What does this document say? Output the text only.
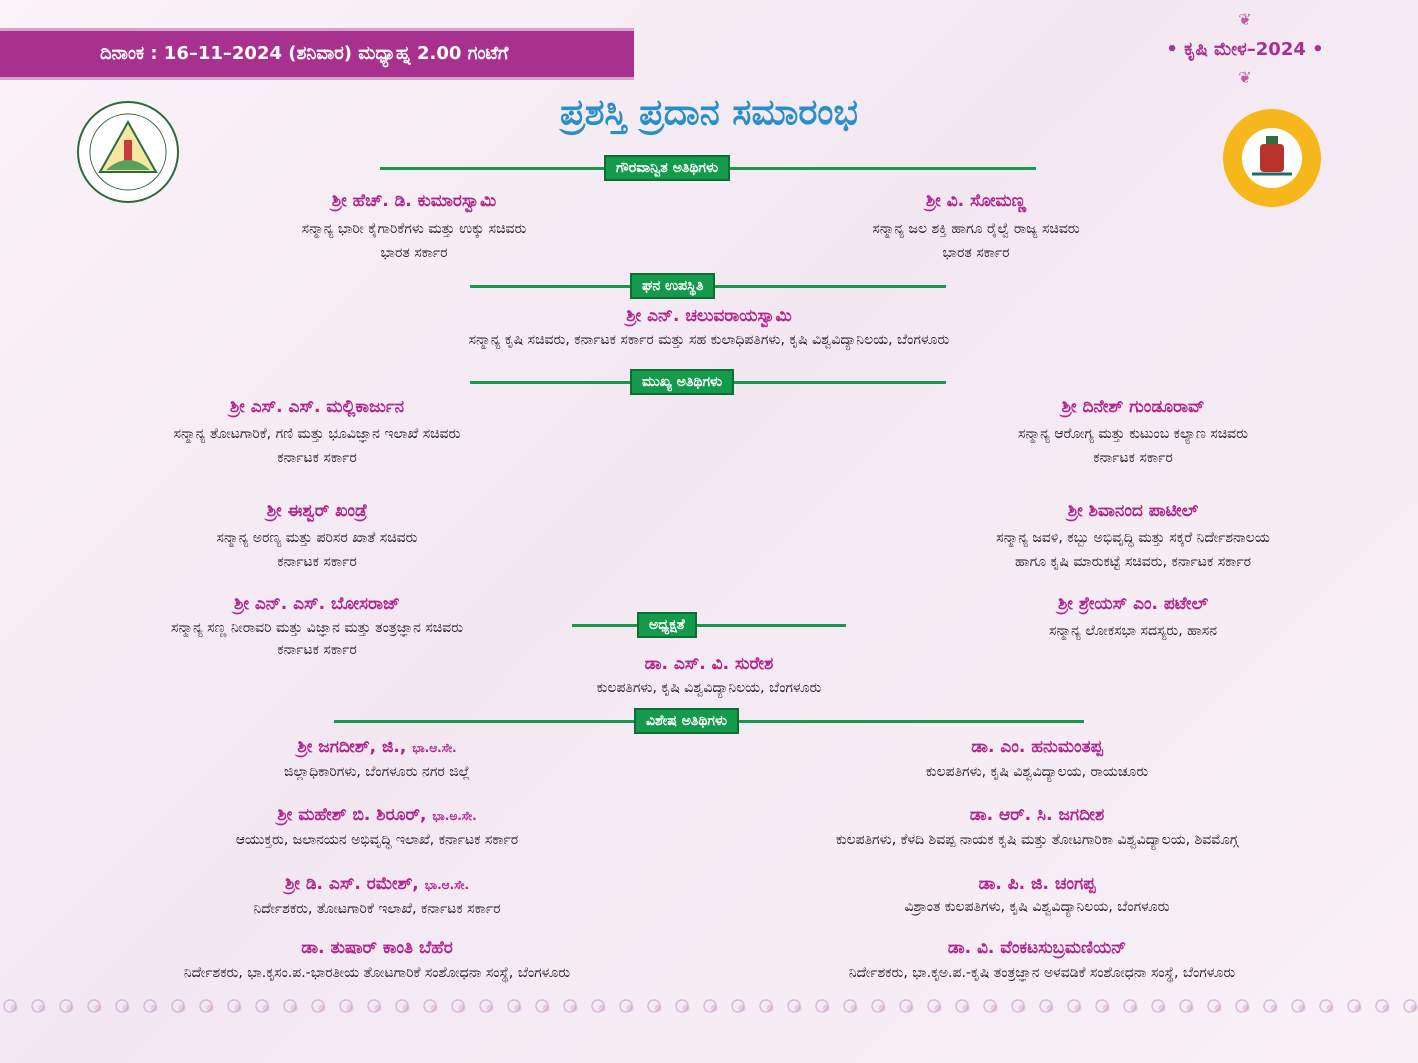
ದಿನಾಂಕ : 16–11–2024 (ಶನಿವಾರ) ಮಧ್ಯಾಹ್ನ 2.00 ಗಂಟೆಗೆ
❦
• ಕೃಷಿ ಮೇಳ–2024 •
❦
ಪ್ರಶಸ್ತಿ ಪ್ರದಾನ ಸಮಾರಂಭ
ಗೌರವಾನ್ವಿತ ಅತಿಥಿಗಳು
ಶ್ರೀ ಹೆಚ್. ಡಿ. ಕುಮಾರಸ್ವಾಮಿ
ಸನ್ಮಾನ್ಯ ಭಾರೀ ಕೈಗಾರಿಕೆಗಳು ಮತ್ತು ಉಕ್ಕು ಸಚಿವರು
ಭಾರತ ಸರ್ಕಾರ
ಶ್ರೀ ವಿ. ಸೋಮಣ್ಣ
ಸನ್ಮಾನ್ಯ ಜಲ ಶಕ್ತಿ ಹಾಗೂ ರೈಲ್ವೆ ರಾಜ್ಯ ಸಚಿವರು
ಭಾರತ ಸರ್ಕಾರ
ಘನ ಉಪಸ್ಥಿತಿ
ಶ್ರೀ ಎನ್. ಚಲುವರಾಯಸ್ವಾಮಿ
ಸನ್ಮಾನ್ಯ ಕೃಷಿ ಸಚಿವರು, ಕರ್ನಾಟಕ ಸರ್ಕಾರ ಮತ್ತು ಸಹ ಕುಲಾಧಿಪತಿಗಳು, ಕೃಷಿ ವಿಶ್ವವಿದ್ಯಾನಿಲಯ, ಬೆಂಗಳೂರು
ಮುಖ್ಯ ಅತಿಥಿಗಳು
ಶ್ರೀ ಎಸ್. ಎಸ್. ಮಲ್ಲಿಕಾರ್ಜುನ
ಸನ್ಮಾನ್ಯ ತೋಟಗಾರಿಕೆ, ಗಣಿ ಮತ್ತು ಭೂವಿಜ್ಞಾನ ಇಲಾಖೆ ಸಚಿವರು
ಕರ್ನಾಟಕ ಸರ್ಕಾರ
ಶ್ರೀ ದಿನೇಶ್ ಗುಂಡೂರಾವ್
ಸನ್ಮಾನ್ಯ ಆರೋಗ್ಯ ಮತ್ತು ಕುಟುಂಬ ಕಲ್ಯಾಣ ಸಚಿವರು
ಕರ್ನಾಟಕ ಸರ್ಕಾರ
ಶ್ರೀ ಈಶ್ವರ್ ಖಂಡ್ರೆ
ಸನ್ಮಾನ್ಯ ಅರಣ್ಯ ಮತ್ತು ಪರಿಸರ ಖಾತೆ ಸಚಿವರು
ಕರ್ನಾಟಕ ಸರ್ಕಾರ
ಶ್ರೀ ಶಿವಾನಂದ ಪಾಟೀಲ್
ಸನ್ಮಾನ್ಯ ಜವಳಿ, ಕಬ್ಬು ಅಭಿವೃದ್ಧಿ ಮತ್ತು ಸಕ್ಕರೆ ನಿರ್ದೇಶನಾಲಯ
ಹಾಗೂ ಕೃಷಿ ಮಾರುಕಟ್ಟೆ ಸಚಿವರು, ಕರ್ನಾಟಕ ಸರ್ಕಾರ
ಶ್ರೀ ಎನ್. ಎಸ್. ಬೋಸರಾಜ್
ಸನ್ಮಾನ್ಯ ಸಣ್ಣ ನೀರಾವರಿ ಮತ್ತು ವಿಜ್ಞಾನ ಮತ್ತು ತಂತ್ರಜ್ಞಾನ ಸಚಿವರು
ಕರ್ನಾಟಕ ಸರ್ಕಾರ
ಶ್ರೀ ಶ್ರೇಯಸ್ ಎಂ. ಪಟೇಲ್
ಸನ್ಮಾನ್ಯ ಲೋಕಸಭಾ ಸದಸ್ಯರು, ಹಾಸನ
ಅಧ್ಯಕ್ಷತೆ
ಡಾ. ಎಸ್. ವಿ. ಸುರೇಶ
ಕುಲಪತಿಗಳು, ಕೃಷಿ ವಿಶ್ವವಿದ್ಯಾನಿಲಯ, ಬೆಂಗಳೂರು
ವಿಶೇಷ ಅತಿಥಿಗಳು
ಶ್ರೀ ಜಗದೀಶ್, ಜಿ., ಭಾ.ಆ.ಸೇ.
ಜಿಲ್ಲಾಧಿಕಾರಿಗಳು, ಬೆಂಗಳೂರು ನಗರ ಜಿಲ್ಲೆ
ಡಾ. ಎಂ. ಹನುಮಂತಪ್ಪ
ಕುಲಪತಿಗಳು, ಕೃಷಿ ವಿಶ್ವವಿದ್ಯಾಲಯ, ರಾಯಚೂರು
ಶ್ರೀ ಮಹೇಶ್ ಬಿ. ಶಿರೂರ್, ಭಾ.ಅ.ಸೇ.
ಆಯುಕ್ತರು, ಜಲಾನಯನ ಅಭಿವೃದ್ಧಿ ಇಲಾಖೆ, ಕರ್ನಾಟಕ ಸರ್ಕಾರ
ಡಾ. ಆರ್. ಸಿ. ಜಗದೀಶ
ಕುಲಪತಿಗಳು, ಕೆಳದಿ ಶಿವಪ್ಪ ನಾಯಕ ಕೃಷಿ ಮತ್ತು ತೋಟಗಾರಿಕಾ ವಿಶ್ವವಿದ್ಯಾಲಯ, ಶಿವಮೊಗ್ಗ
ಶ್ರೀ ಡಿ. ಎಸ್. ರಮೇಶ್, ಭಾ.ಆ.ಸೇ.
ನಿರ್ದೇಶಕರು, ತೋಟಗಾರಿಕೆ ಇಲಾಖೆ, ಕರ್ನಾಟಕ ಸರ್ಕಾರ
ಡಾ. ಪಿ. ಜಿ. ಚಂಗಪ್ಪ
ವಿಶ್ರಾಂತ ಕುಲಪತಿಗಳು, ಕೃಷಿ ವಿಶ್ವವಿದ್ಯಾನಿಲಯ, ಬೆಂಗಳೂರು
ಡಾ. ತುಷಾರ್ ಕಾಂತಿ ಬೆಹೆರ
ನಿರ್ದೇಶಕರು, ಭಾ.ಕೃಸಂ.ಪ.-ಭಾರತೀಯ ತೋಟಗಾರಿಕೆ ಸಂಶೋಧನಾ ಸಂಸ್ಥೆ, ಬೆಂಗಳೂರು
ಡಾ. ವಿ. ವೆಂಕಟಸುಬ್ರಮಣಿಯನ್
ನಿರ್ದೇಶಕರು, ಭಾ.ಕೃಅ.ಪ.-ಕೃಷಿ ತಂತ್ರಜ್ಞಾನ ಅಳವಡಿಕೆ ಸಂಶೋಧನಾ ಸಂಸ್ಥೆ, ಬೆಂಗಳೂರು
